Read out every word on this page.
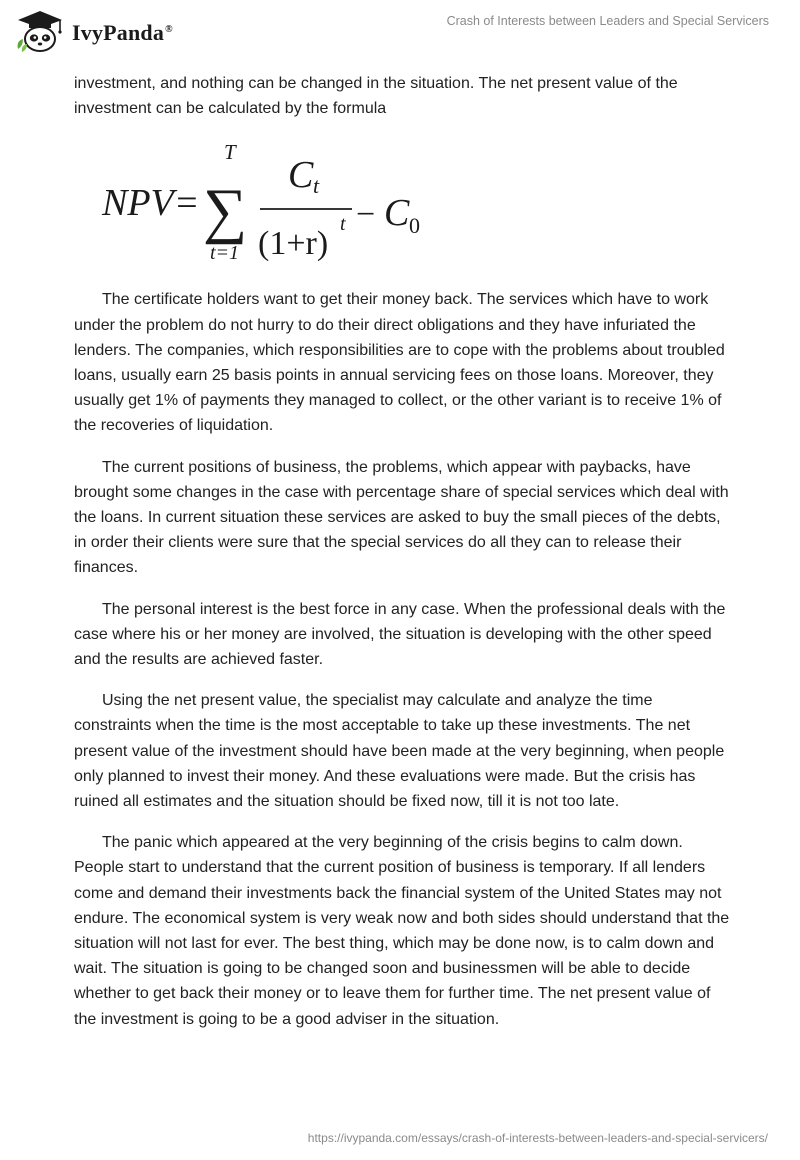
IvyPanda®
Crash of Interests between Leaders and Special Servicers

investment, and nothing can be changed in the situation. The net present value of the investment can be calculated by the formula

NPV=
T
∑
t=1
C t
(1+r)
t − C 0

The certificate holders want to get their money back. The services which have to work under the problem do not hurry to do their direct obligations and they have infuriated the lenders. The companies, which responsibilities are to cope with the problems about troubled loans, usually earn 25 basis points in annual servicing fees on those loans. Moreover, they usually get 1% of payments they managed to collect, or the other variant is to receive 1% of the recoveries of liquidation.

The current positions of business, the problems, which appear with paybacks, have brought some changes in the case with percentage share of special services which deal with the loans. In current situation these services are asked to buy the small pieces of the debts, in order their clients were sure that the special services do all they can to release their finances.

The personal interest is the best force in any case. When the professional deals with the case where his or her money are involved, the situation is developing with the other speed and the results are achieved faster.

Using the net present value, the specialist may calculate and analyze the time constraints when the time is the most acceptable to take up these investments. The net present value of the investment should have been made at the very beginning, when people only planned to invest their money. And these evaluations were made. But the crisis has ruined all estimates and the situation should be fixed now, till it is not too late.

The panic which appeared at the very beginning of the crisis begins to calm down. People start to understand that the current position of business is temporary. If all lenders come and demand their investments back the financial system of the United States may not endure. The economical system is very weak now and both sides should understand that the situation will not last for ever. The best thing, which may be done now, is to calm down and wait. The situation is going to be changed soon and businessmen will be able to decide whether to get back their money or to leave them for further time. The net present value of the investment is going to be a good adviser in the situation.

https://ivypanda.com/essays/crash-of-interests-between-leaders-and-special-servicers/
